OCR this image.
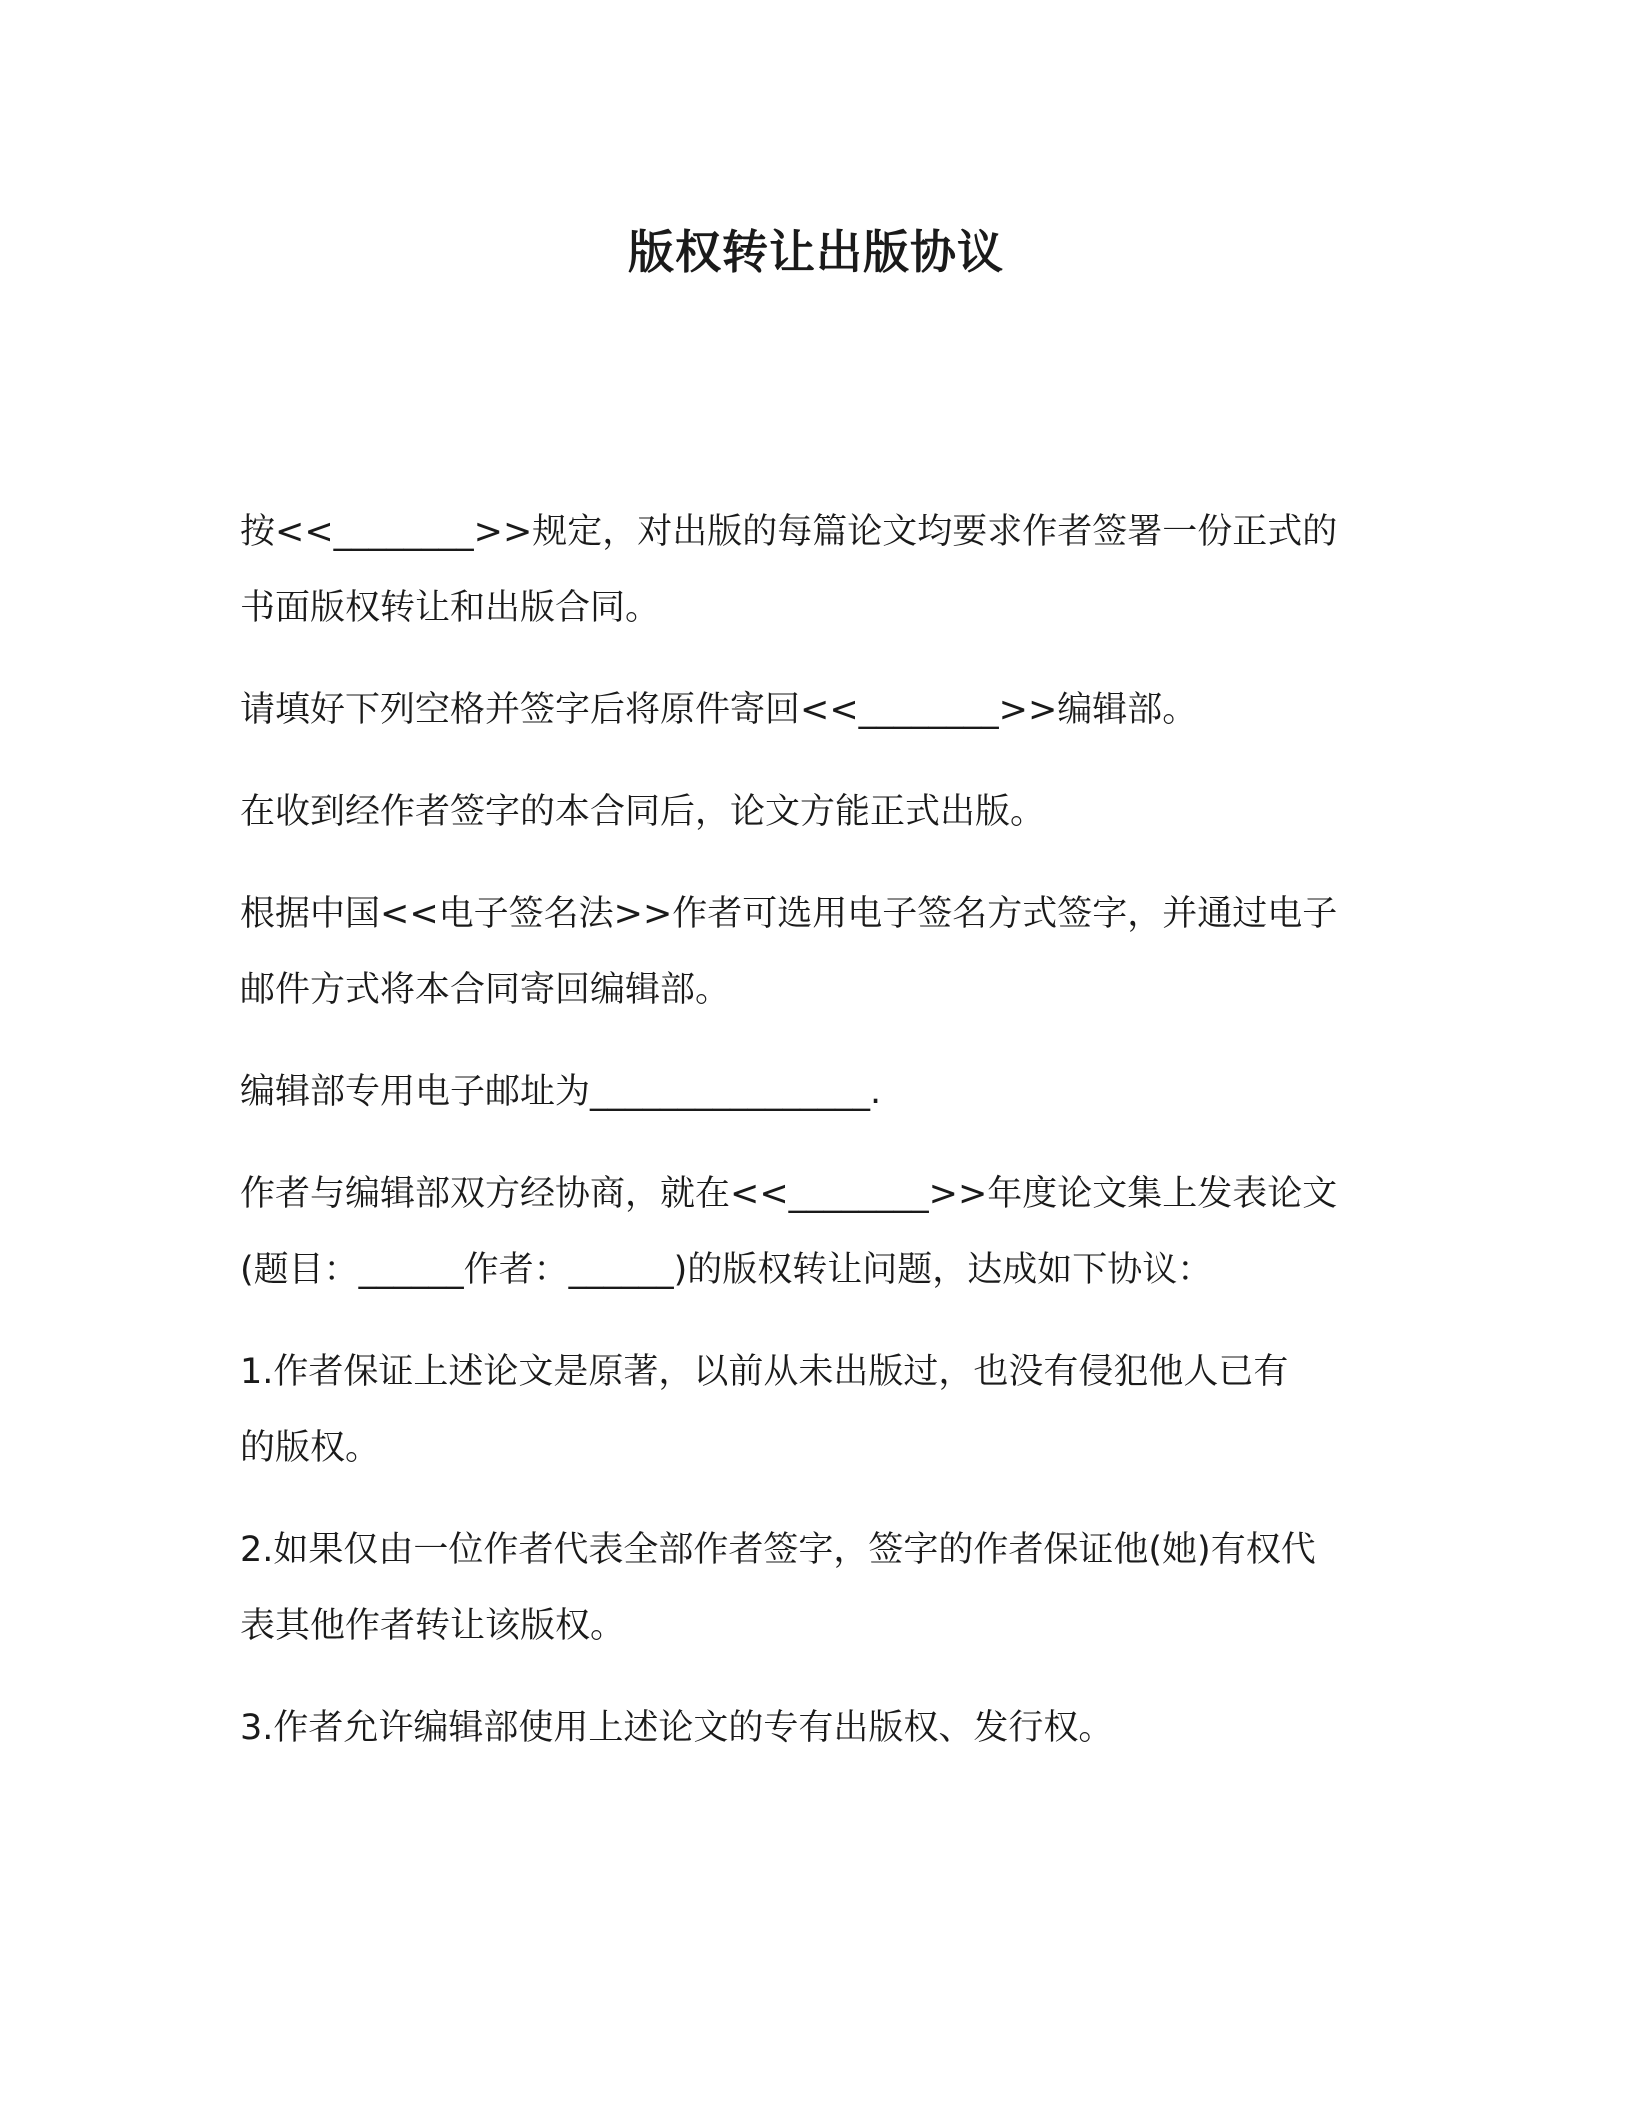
版权转让出版协议

按<<________>>规定，对出版的每篇论文均要求作者签署一份正式的
书面版权转让和出版合同。

请填好下列空格并签字后将原件寄回<<________>>编辑部。

在收到经作者签字的本合同后，论文方能正式出版。

根据中国<<电子签名法>>作者可选用电子签名方式签字，并通过电子
邮件方式将本合同寄回编辑部。

编辑部专用电子邮址为________________.

作者与编辑部双方经协商，就在<<________>>年度论文集上发表论文
(题目：______作者：______)的版权转让问题，达成如下协议：

1.作者保证上述论文是原著，以前从未出版过，也没有侵犯他人已有
的版权。

2.如果仅由一位作者代表全部作者签字，签字的作者保证他(她)有权代
表其他作者转让该版权。

3.作者允许编辑部使用上述论文的专有出版权、发行权。
